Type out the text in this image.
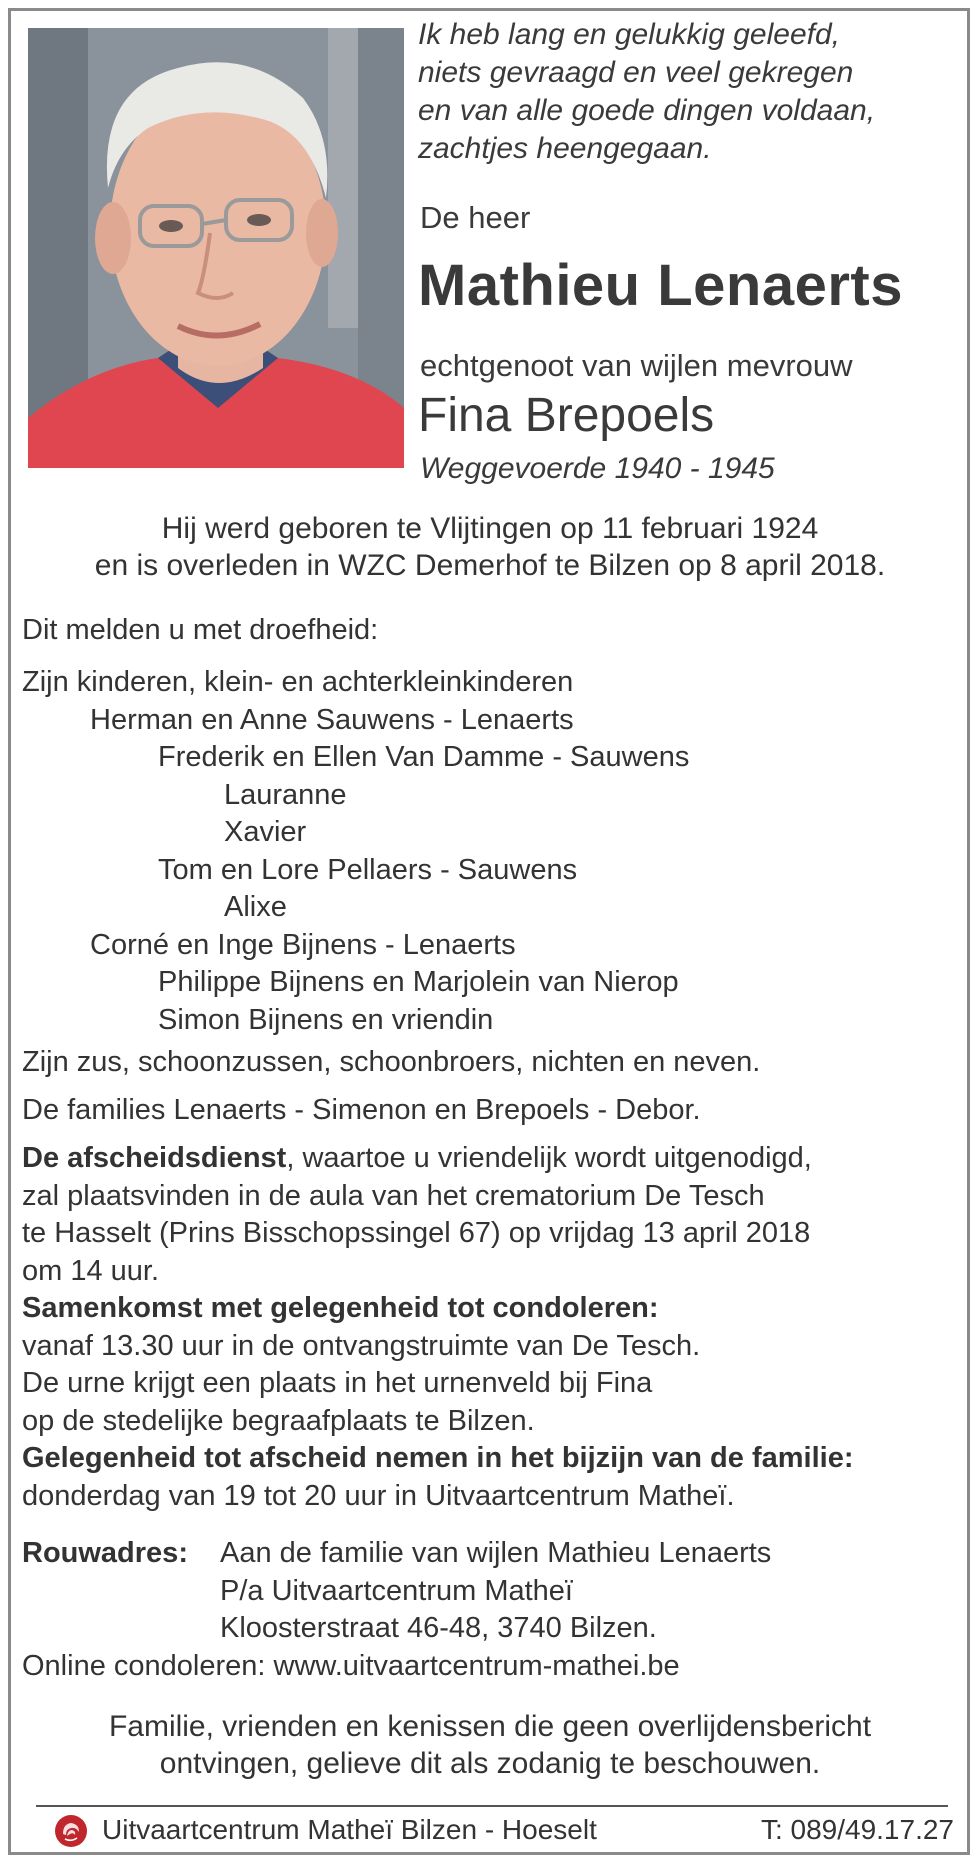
Ik heb lang en gelukkig geleefd,
niets gevraagd en veel gekregen
en van alle goede dingen voldaan,
zachtjes heengegaan.
De heer
Mathieu Lenaerts
echtgenoot van wijlen mevrouw
Fina Brepoels
Weggevoerde 1940 - 1945
Hij werd geboren te Vlijtingen op 11 februari 1924
en is overleden in WZC Demerhof te Bilzen op 8 april 2018.
Dit melden u met droefheid:
Zijn kinderen, klein- en achterkleinkinderen
Herman en Anne Sauwens - Lenaerts
Frederik en Ellen Van Damme - Sauwens
Lauranne
Xavier
Tom en Lore Pellaers - Sauwens
Alixe
Corné en Inge Bijnens - Lenaerts
Philippe Bijnens en Marjolein van Nierop
Simon Bijnens en vriendin
Zijn zus, schoonzussen, schoonbroers, nichten en neven.
De families Lenaerts - Simenon en Brepoels - Debor.
De afscheidsdienst, waartoe u vriendelijk wordt uitgenodigd,
zal plaatsvinden in de aula van het crematorium De Tesch
te Hasselt (Prins Bisschopssingel 67) op vrijdag 13 april 2018
om 14 uur.
Samenkomst met gelegenheid tot condoleren:
vanaf 13.30 uur in de ontvangstruimte van De Tesch.
De urne krijgt een plaats in het urnenveld bij Fina
op de stedelijke begraafplaats te Bilzen.
Gelegenheid tot afscheid nemen in het bijzijn van de familie:
donderdag van 19 tot 20 uur in Uitvaartcentrum Matheï.
Rouwadres:	Aan de familie van wijlen Mathieu Lenaerts
P/a Uitvaartcentrum Matheï
Kloosterstraat 46-48, 3740 Bilzen.
Online condoleren: www.uitvaartcentrum-mathei.be
Familie, vrienden en kenissen die geen overlijdensbericht
ontvingen, gelieve dit als zodanig te beschouwen.
Uitvaartcentrum Matheï Bilzen - Hoeselt	T: 089/49.17.27
